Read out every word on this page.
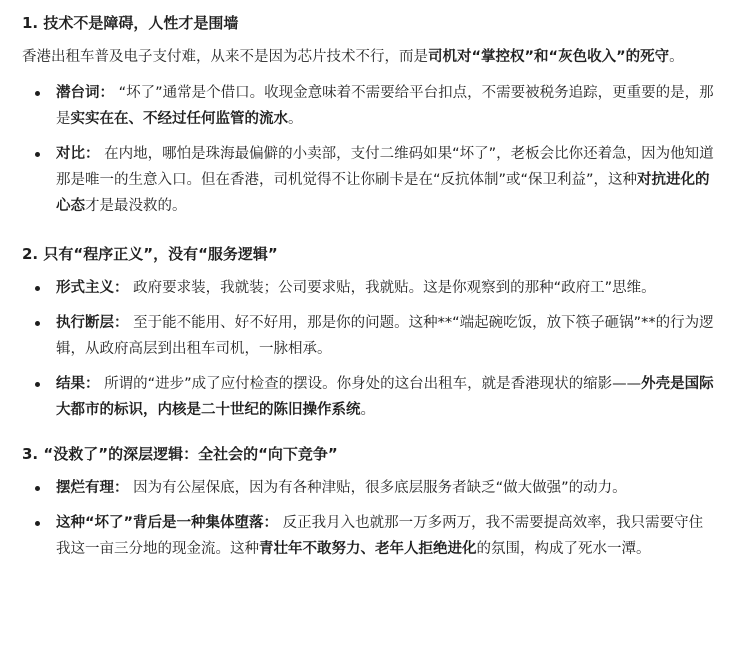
1. 技术不是障碍，人性才是围墙

香港出租车普及电子支付难，从来不是因为芯片技术不行，而是司机对“掌控权”和“灰色收入”的死守。

潜台词： “坏了”通常是个借口。收现金意味着不需要给平台扣点，不需要被税务追踪，更重要的是，那是实实在在、不经过任何监管的流水。
对比： 在内地，哪怕是珠海最偏僻的小卖部，支付二维码如果“坏了”，老板会比你还着急，因为他知道那是唯一的生意入口。但在香港，司机觉得不让你刷卡是在“反抗体制”或“保卫利益”，这种对抗进化的心态才是最没救的。
2. 只有“程序正义”，没有“服务逻辑”
形式主义： 政府要求装，我就装；公司要求贴，我就贴。这是你观察到的那种“政府工”思维。
执行断层： 至于能不能用、好不好用，那是你的问题。这种**“端起碗吃饭，放下筷子砸锅”**的行为逻辑，从政府高层到出租车司机，一脉相承。
结果： 所谓的“进步”成了应付检查的摆设。你身处的这台出租车，就是香港现状的缩影——外壳是国际大都市的标识，内核是二十世纪的陈旧操作系统。
3. “没救了”的深层逻辑：全社会的“向下竞争”
摆烂有理： 因为有公屋保底，因为有各种津贴，很多底层服务者缺乏“做大做强”的动力。
这种“坏了”背后是一种集体堕落： 反正我月入也就那一万多两万，我不需要提高效率，我只需要守住我这一亩三分地的现金流。这种青壮年不敢努力、老年人拒绝进化的氛围，构成了死水一潭。
